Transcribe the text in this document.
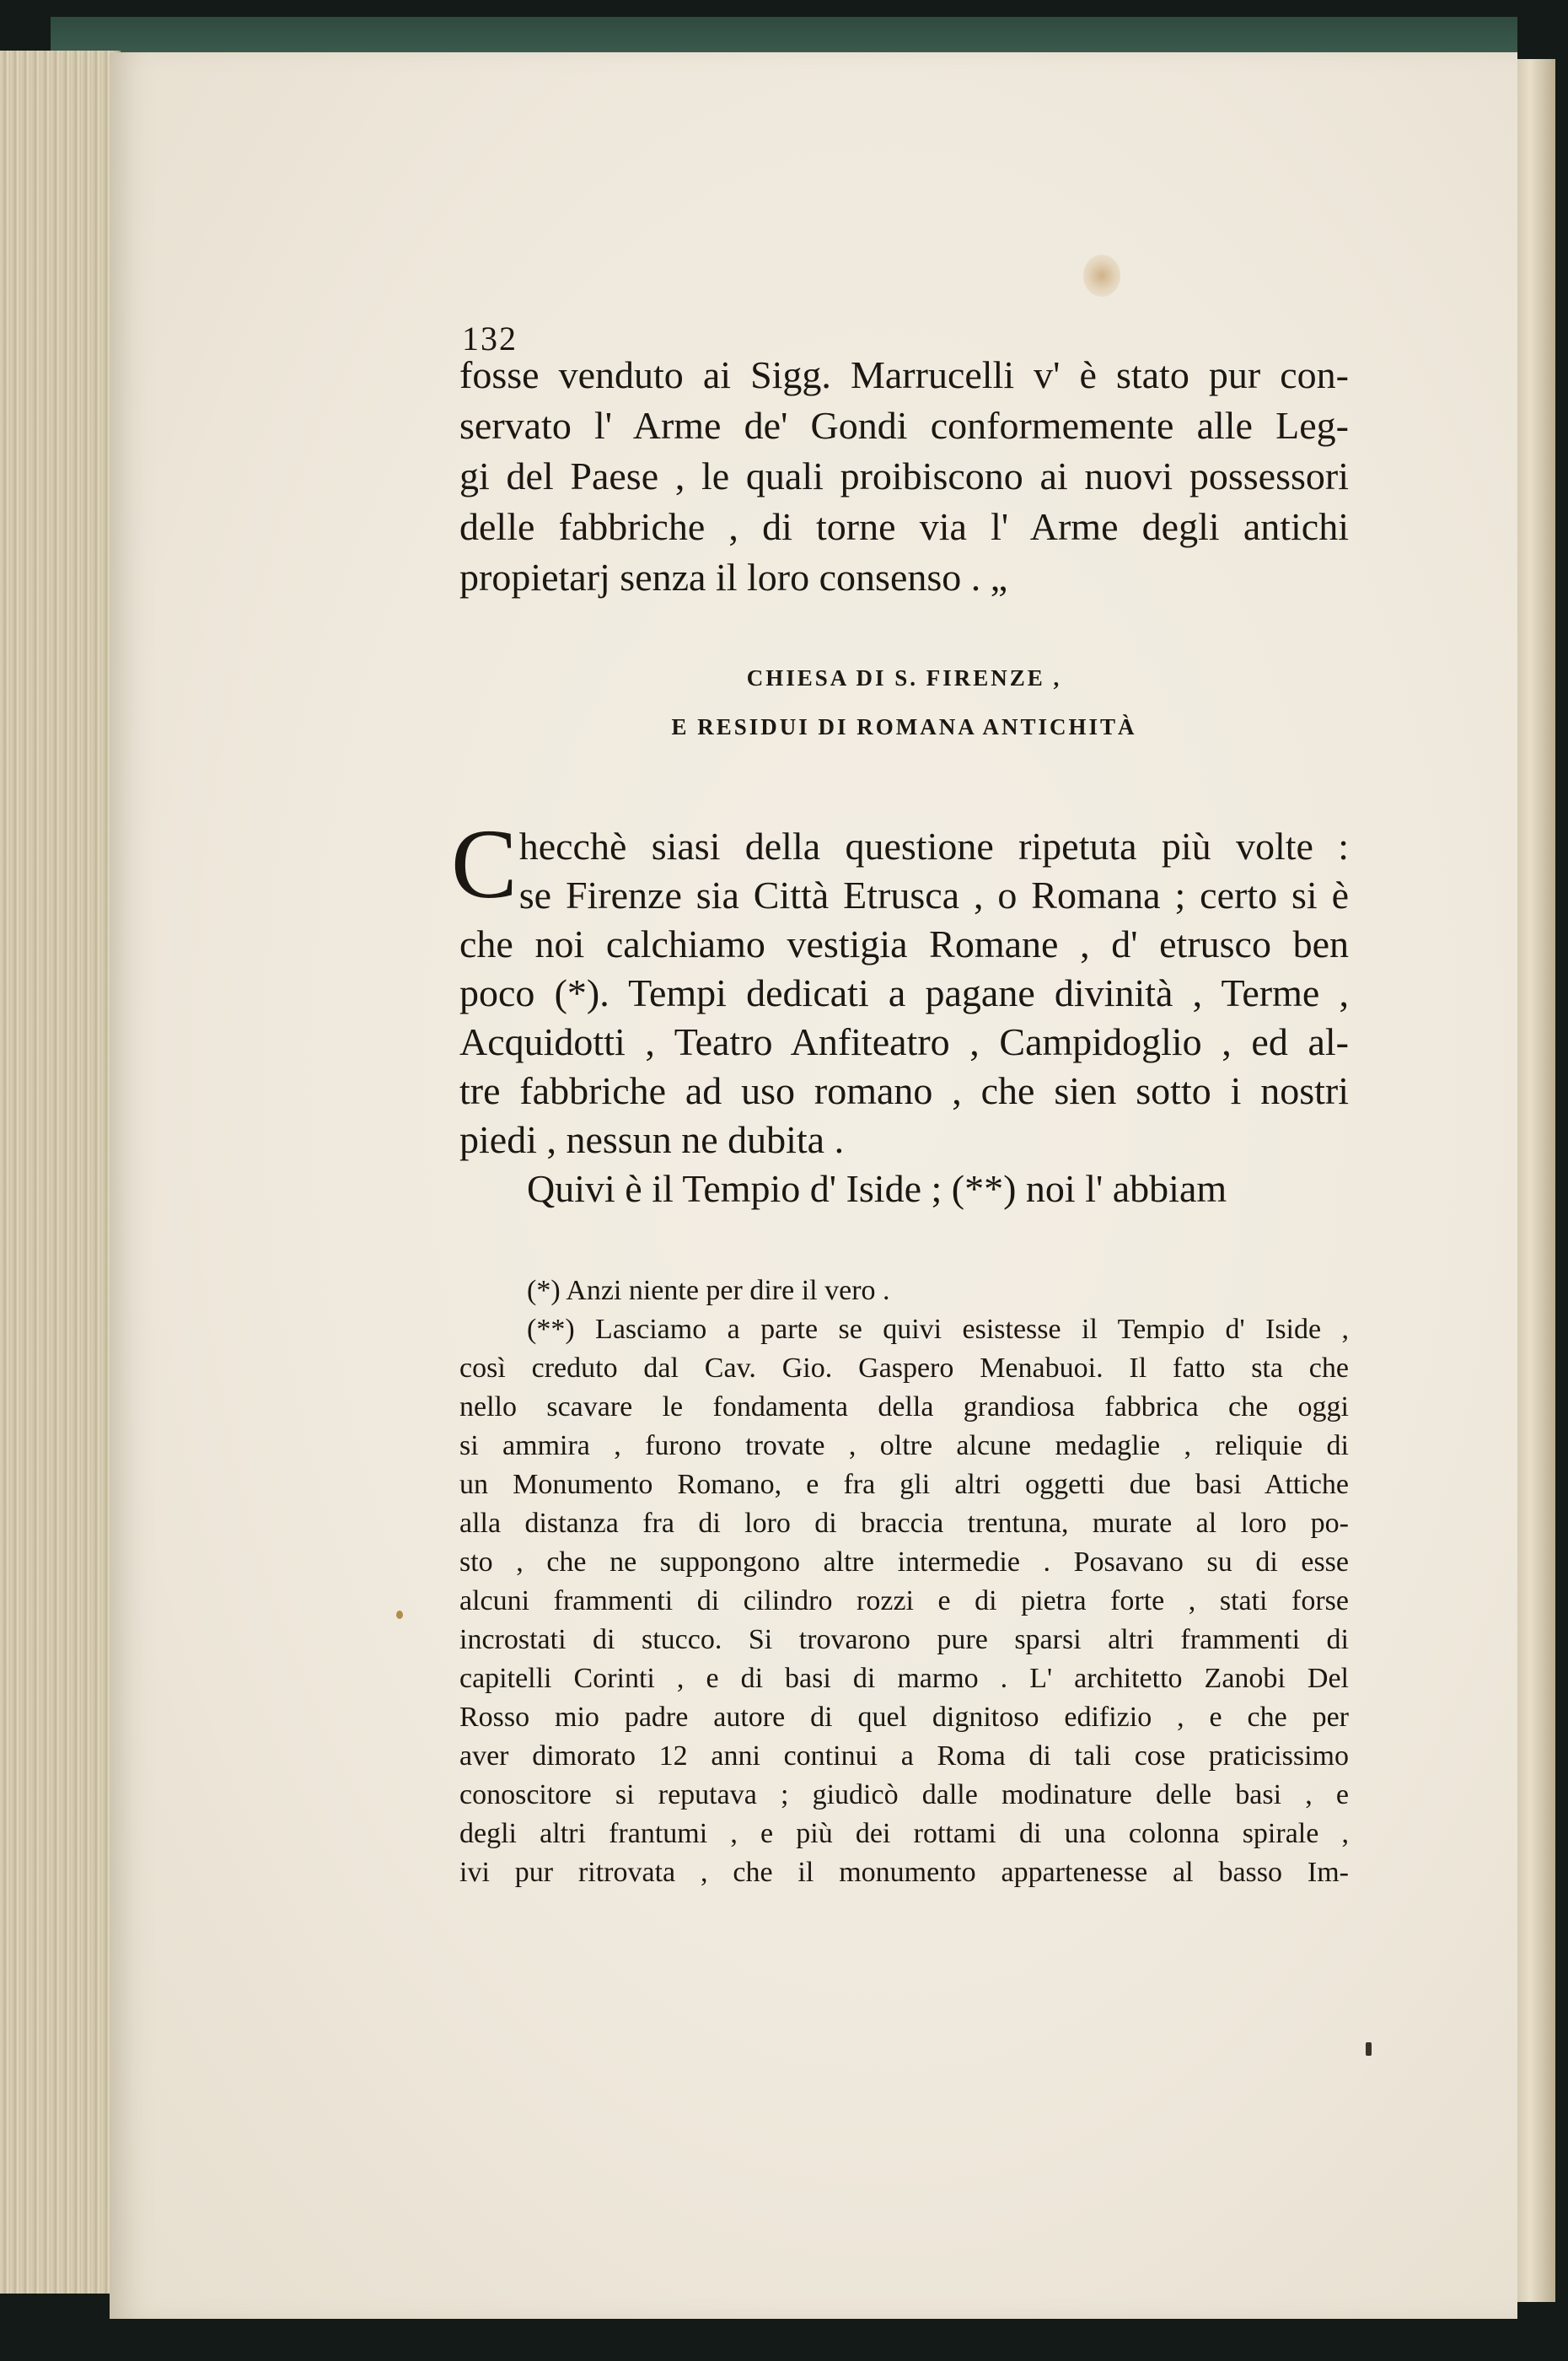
132
fosse venduto ai Sigg. Marrucelli v' è stato pur con-
servato l' Arme de' Gondi conformemente alle Leg-
gi del Paese , le quali proibiscono ai nuovi possessori
delle fabbriche , di torne via l' Arme degli antichi
propietarj senza il loro consenso . „
CHIESA DI S. FIRENZE ,
E RESIDUI DI ROMANA ANTICHITÀ
C hecchè siasi della questione ripetuta più volte :
se Firenze sia Città Etrusca , o Romana ; certo si è
che noi calchiamo vestigia Romane , d' etrusco ben
poco (*). Tempi dedicati a pagane divinità , Terme ,
Acquidotti , Teatro Anfiteatro , Campidoglio , ed al-
tre fabbriche ad uso romano , che sien sotto i nostri
piedi , nessun ne dubita .
Quivi è il Tempio d' Iside ; (**) noi l' abbiam
(*) Anzi niente per dire il vero .
(**) Lasciamo a parte se quivi esistesse il Tempio d' Iside ,
così creduto dal Cav. Gio. Gaspero Menabuoi. Il fatto sta che
nello scavare le fondamenta della grandiosa fabbrica che oggi
si ammira , furono trovate , oltre alcune medaglie , reliquie di
un Monumento Romano, e fra gli altri oggetti due basi Attiche
alla distanza fra di loro di braccia trentuna, murate al loro po-
sto , che ne suppongono altre intermedie . Posavano su di esse
alcuni frammenti di cilindro rozzi e di pietra forte , stati forse
incrostati di stucco. Si trovarono pure sparsi altri frammenti di
capitelli Corinti , e di basi di marmo . L' architetto Zanobi Del
Rosso mio padre autore di quel dignitoso edifizio , e che per
aver dimorato 12 anni continui a Roma di tali cose praticissimo
conoscitore si reputava ; giudicò dalle modinature delle basi , e
degli altri frantumi , e più dei rottami di una colonna spirale ,
ivi pur ritrovata , che il monumento appartenesse al basso Im-
